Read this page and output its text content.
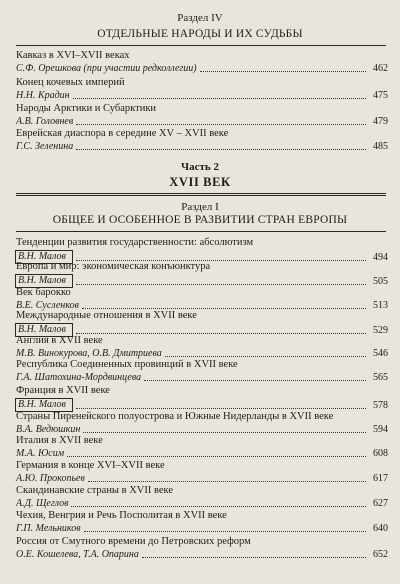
Раздел IV
ОТДЕЛЬНЫЕ НАРОДЫ И ИХ СУДЬБЫ
Кавказ в XVI–XVII веках
С.Ф. Орешкова (при участии редколлегии)	462
Конец кочевых империй
Н.Н. Крадин	475
Народы Арктики и Субарктики
А.В. Головнев	479
Еврейская диаспора в середине XV – XVII веке
Г.С. Зеленина	485
Часть 2
XVII ВЕК
Раздел I
ОБЩЕЕ И ОСОБЕННОЕ В РАЗВИТИИ СТРАН ЕВРОПЫ
Тенденции развития государственности: абсолютизм
В.Н. Малов	494
Европа и мир: экономическая конъюнктура
В.Н. Малов	505
Век барокко
В.Е. Сусленков	513
Международные отношения в XVII веке
В.Н. Малов	529
Англия в XVII веке
М.В. Винокурова, О.В. Дмитриева	546
Республика Соединенных провинций в XVII веке
Г.А. Шатохина-Мордвинцева	565
Франция в XVII веке
В.Н. Малов	578
Страны Пиренейского полуострова и Южные Нидерланды в XVII веке
В.А. Ведюшкин	594
Италия в XVII веке
М.А. Юсим	608
Германия в конце XVI–XVII веке
А.Ю. Прокопьев	617
Скандинавские страны в XVII веке
А.Д. Щеглов	627
Чехия, Венгрия и Речь Посполитая в XVII веке
Г.П. Мельников	640
Россия от Смутного времени до Петровских реформ
О.Е. Кошелева, Т.А. Опарина	652
